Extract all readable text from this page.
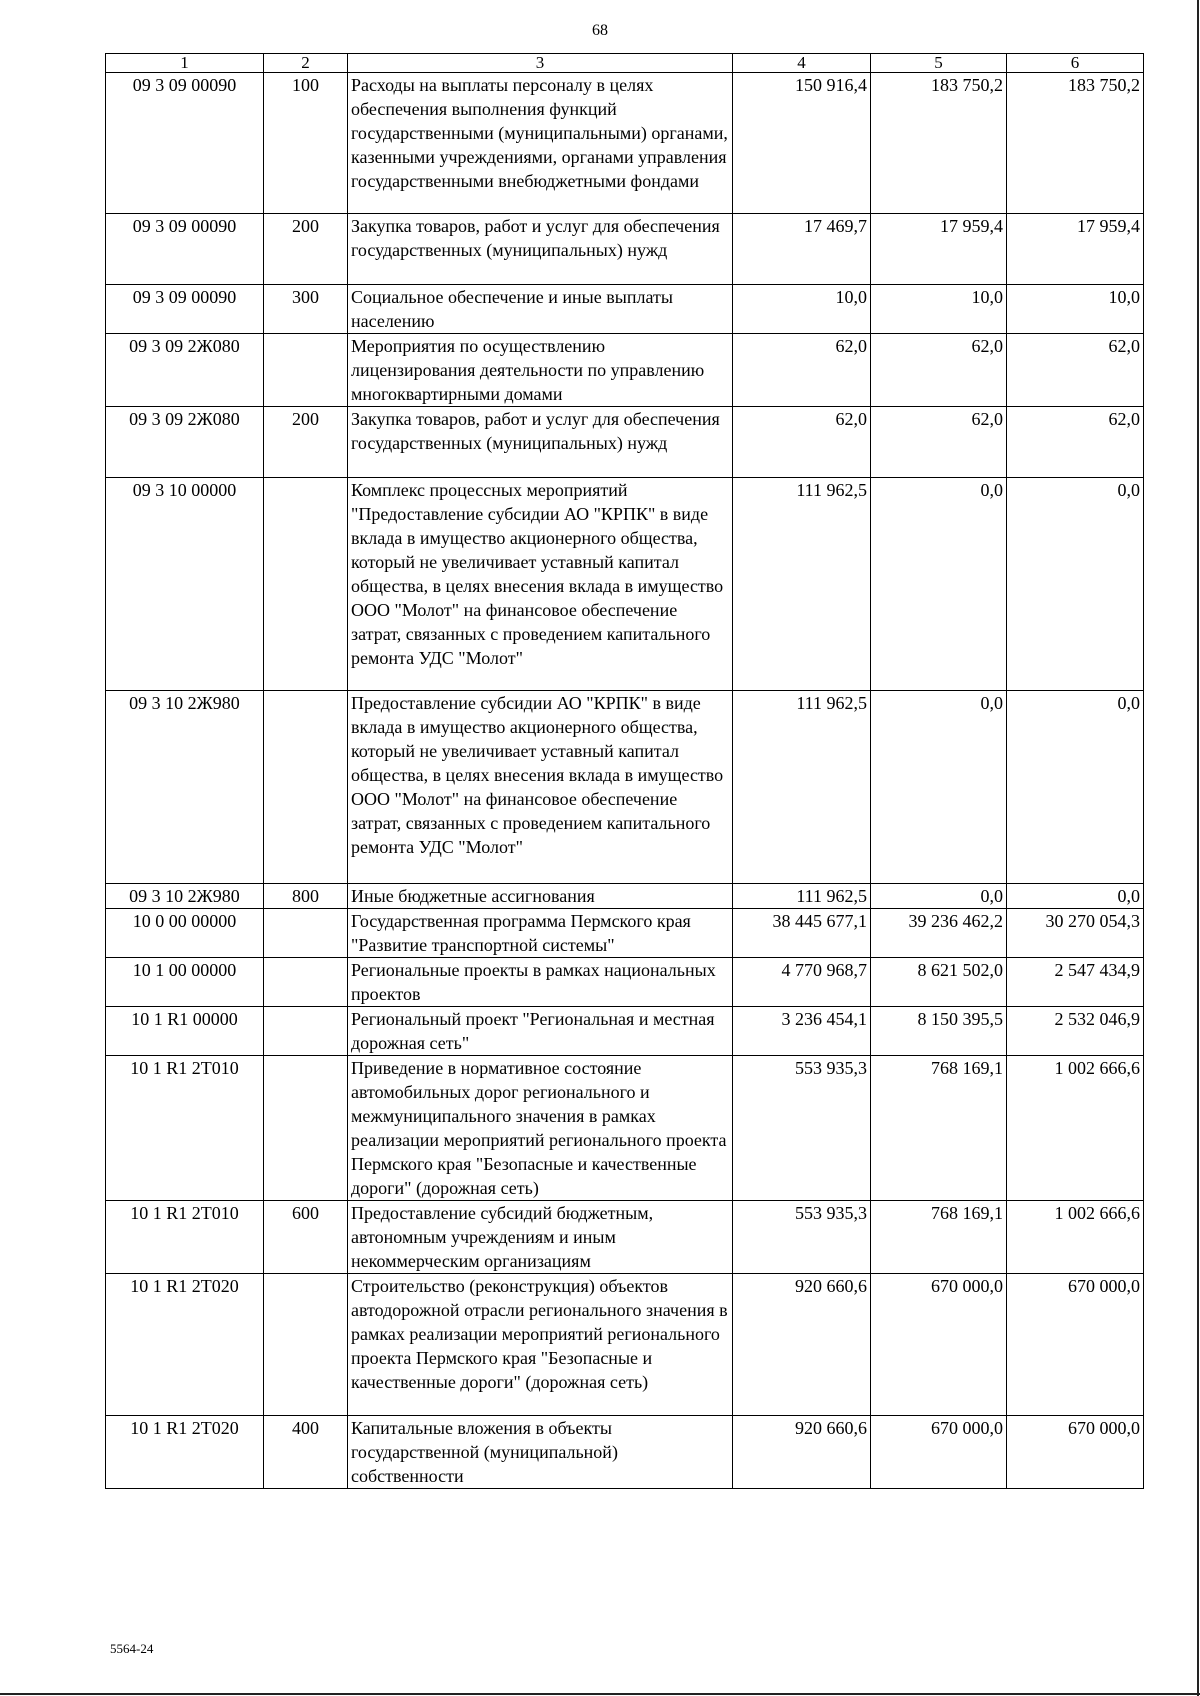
68
1	2	3	4	5	6
09 3 09 00090	100	Расходы на выплаты персоналу в целях обеспечения выполнения функций государственными (муниципальными) органами, казенными учреждениями, органами управления государственными внебюджетными фондами	150 916,4	183 750,2	183 750,2
09 3 09 00090	200	Закупка товаров, работ и услуг для обеспечения государственных (муниципальных) нужд	17 469,7	17 959,4	17 959,4
09 3 09 00090	300	Социальное обеспечение и иные выплаты населению	10,0	10,0	10,0
09 3 09 2Ж080		Мероприятия по осуществлению лицензирования деятельности по управлению многоквартирными домами	62,0	62,0	62,0
09 3 09 2Ж080	200	Закупка товаров, работ и услуг для обеспечения государственных (муниципальных) нужд	62,0	62,0	62,0
09 3 10 00000		Комплекс процессных мероприятий "Предоставление субсидии АО "КРПК" в виде вклада в имущество акционерного общества, который не увеличивает уставный капитал общества, в целях внесения вклада в имущество ООО "Молот" на финансовое обеспечение затрат, связанных с проведением капитального ремонта УДС "Молот"	111 962,5	0,0	0,0
09 3 10 2Ж980		Предоставление субсидии АО "КРПК" в виде вклада в имущество акционерного общества, который не увеличивает уставный капитал общества, в целях внесения вклада в имущество ООО "Молот" на финансовое обеспечение затрат, связанных с проведением капитального ремонта УДС "Молот"	111 962,5	0,0	0,0
09 3 10 2Ж980	800	Иные бюджетные ассигнования	111 962,5	0,0	0,0
10 0 00 00000		Государственная программа Пермского края "Развитие транспортной системы"	38 445 677,1	39 236 462,2	30 270 054,3
10 1 00 00000		Региональные проекты в рамках национальных проектов	4 770 968,7	8 621 502,0	2 547 434,9
10 1 R1 00000		Региональный проект "Региональная и местная дорожная сеть"	3 236 454,1	8 150 395,5	2 532 046,9
10 1 R1 2Т010		Приведение в нормативное состояние автомобильных дорог регионального и межмуниципального значения в рамках реализации мероприятий регионального проекта Пермского края "Безопасные и качественные дороги" (дорожная сеть)	553 935,3	768 169,1	1 002 666,6
10 1 R1 2Т010	600	Предоставление субсидий бюджетным, автономным учреждениям и иным некоммерческим организациям	553 935,3	768 169,1	1 002 666,6
10 1 R1 2Т020		Строительство (реконструкция) объектов автодорожной отрасли регионального значения в рамках реализации мероприятий регионального проекта Пермского края "Безопасные и качественные дороги" (дорожная сеть)	920 660,6	670 000,0	670 000,0
10 1 R1 2Т020	400	Капитальные вложения в объекты государственной (муниципальной) собственности	920 660,6	670 000,0	670 000,0
5564-24
